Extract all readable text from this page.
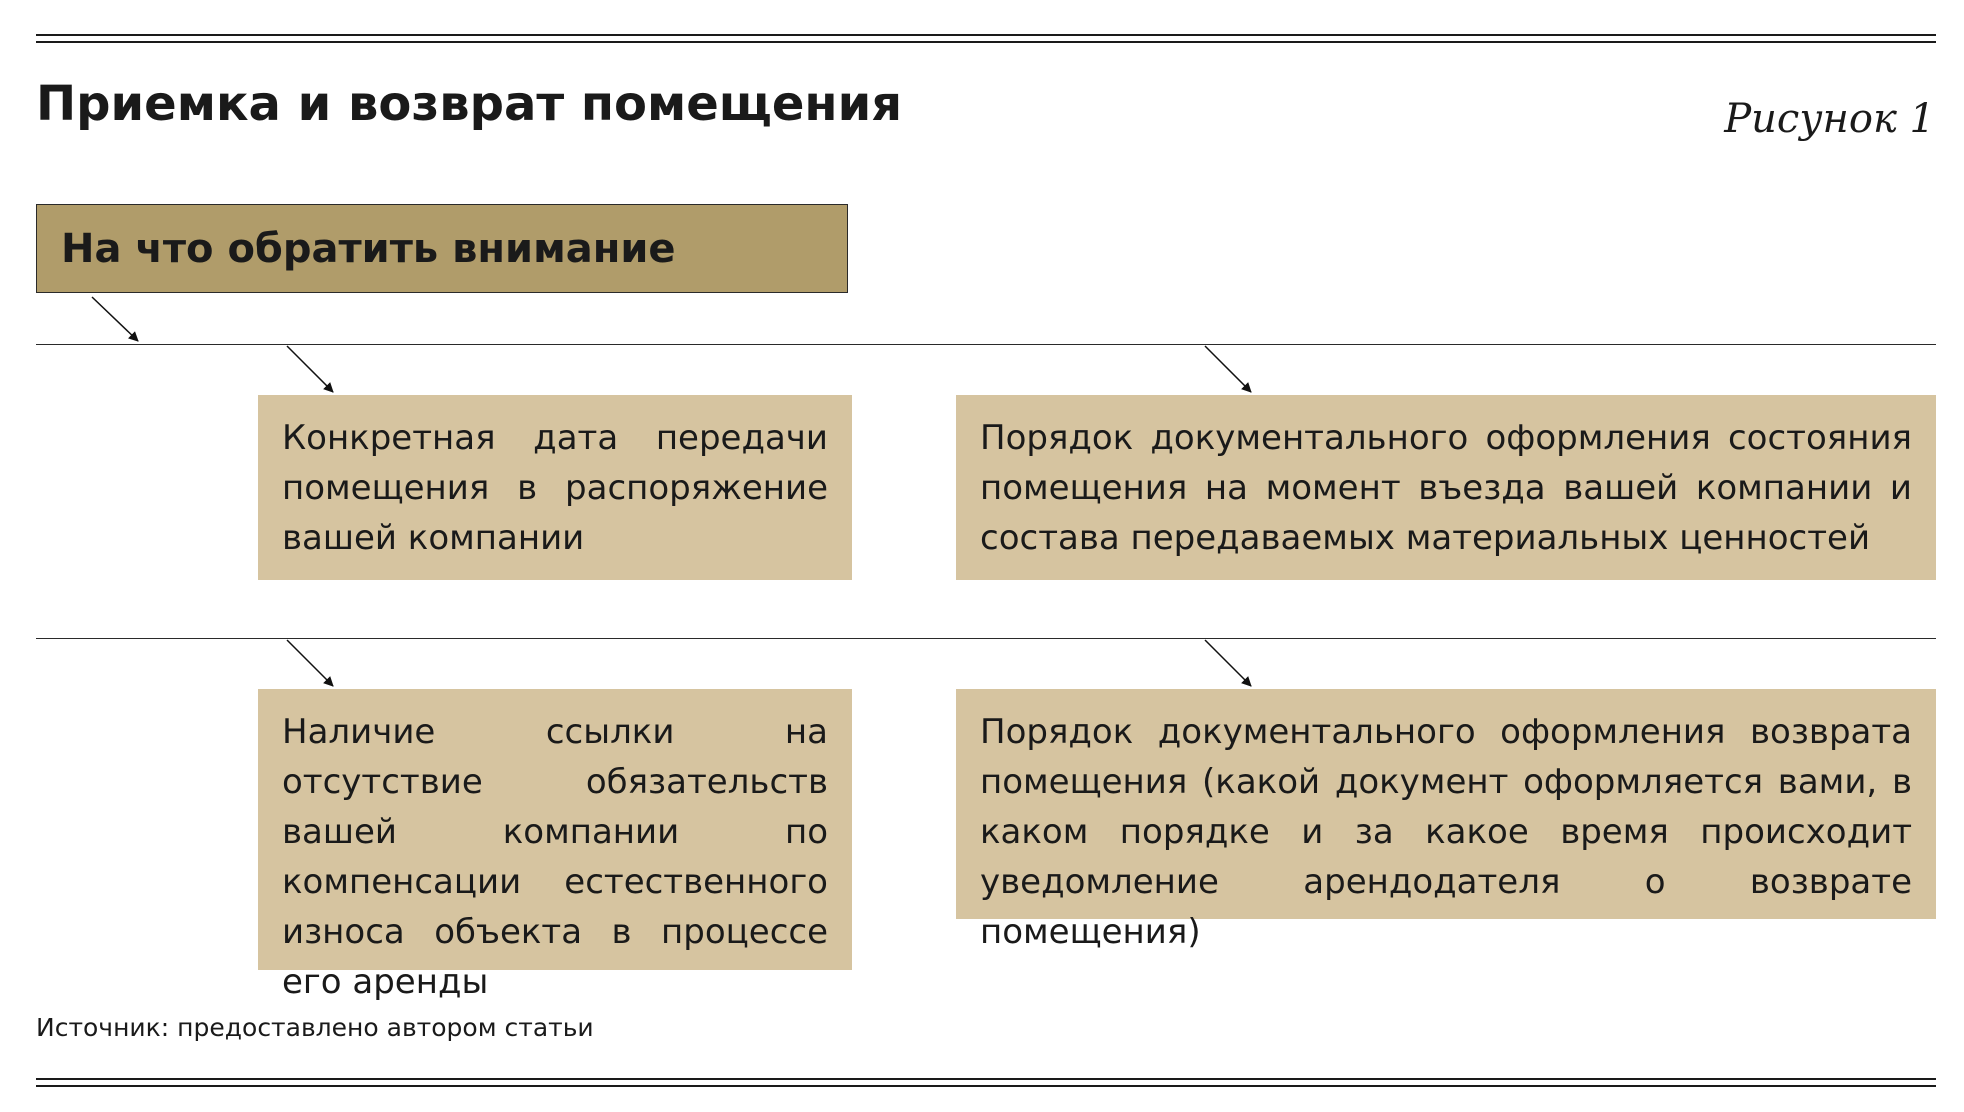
Приемка и возврат помещения	Рисунок 1
На что обратить внимание
Конкретная дата передачи помещения в распоряжение вашей компании
Порядок документального оформления состояния помещения на момент въезда вашей компании и состава передаваемых материальных ценностей
Наличие ссылки на отсутствие обязательств вашей компании по компенсации естественного износа объекта в процессе его аренды
Порядок документального оформления возврата помещения (какой документ оформляется вами, в каком порядке и за какое время происходит уведомление арендодателя о возврате помещения)
Источник: предоставлено автором статьи
